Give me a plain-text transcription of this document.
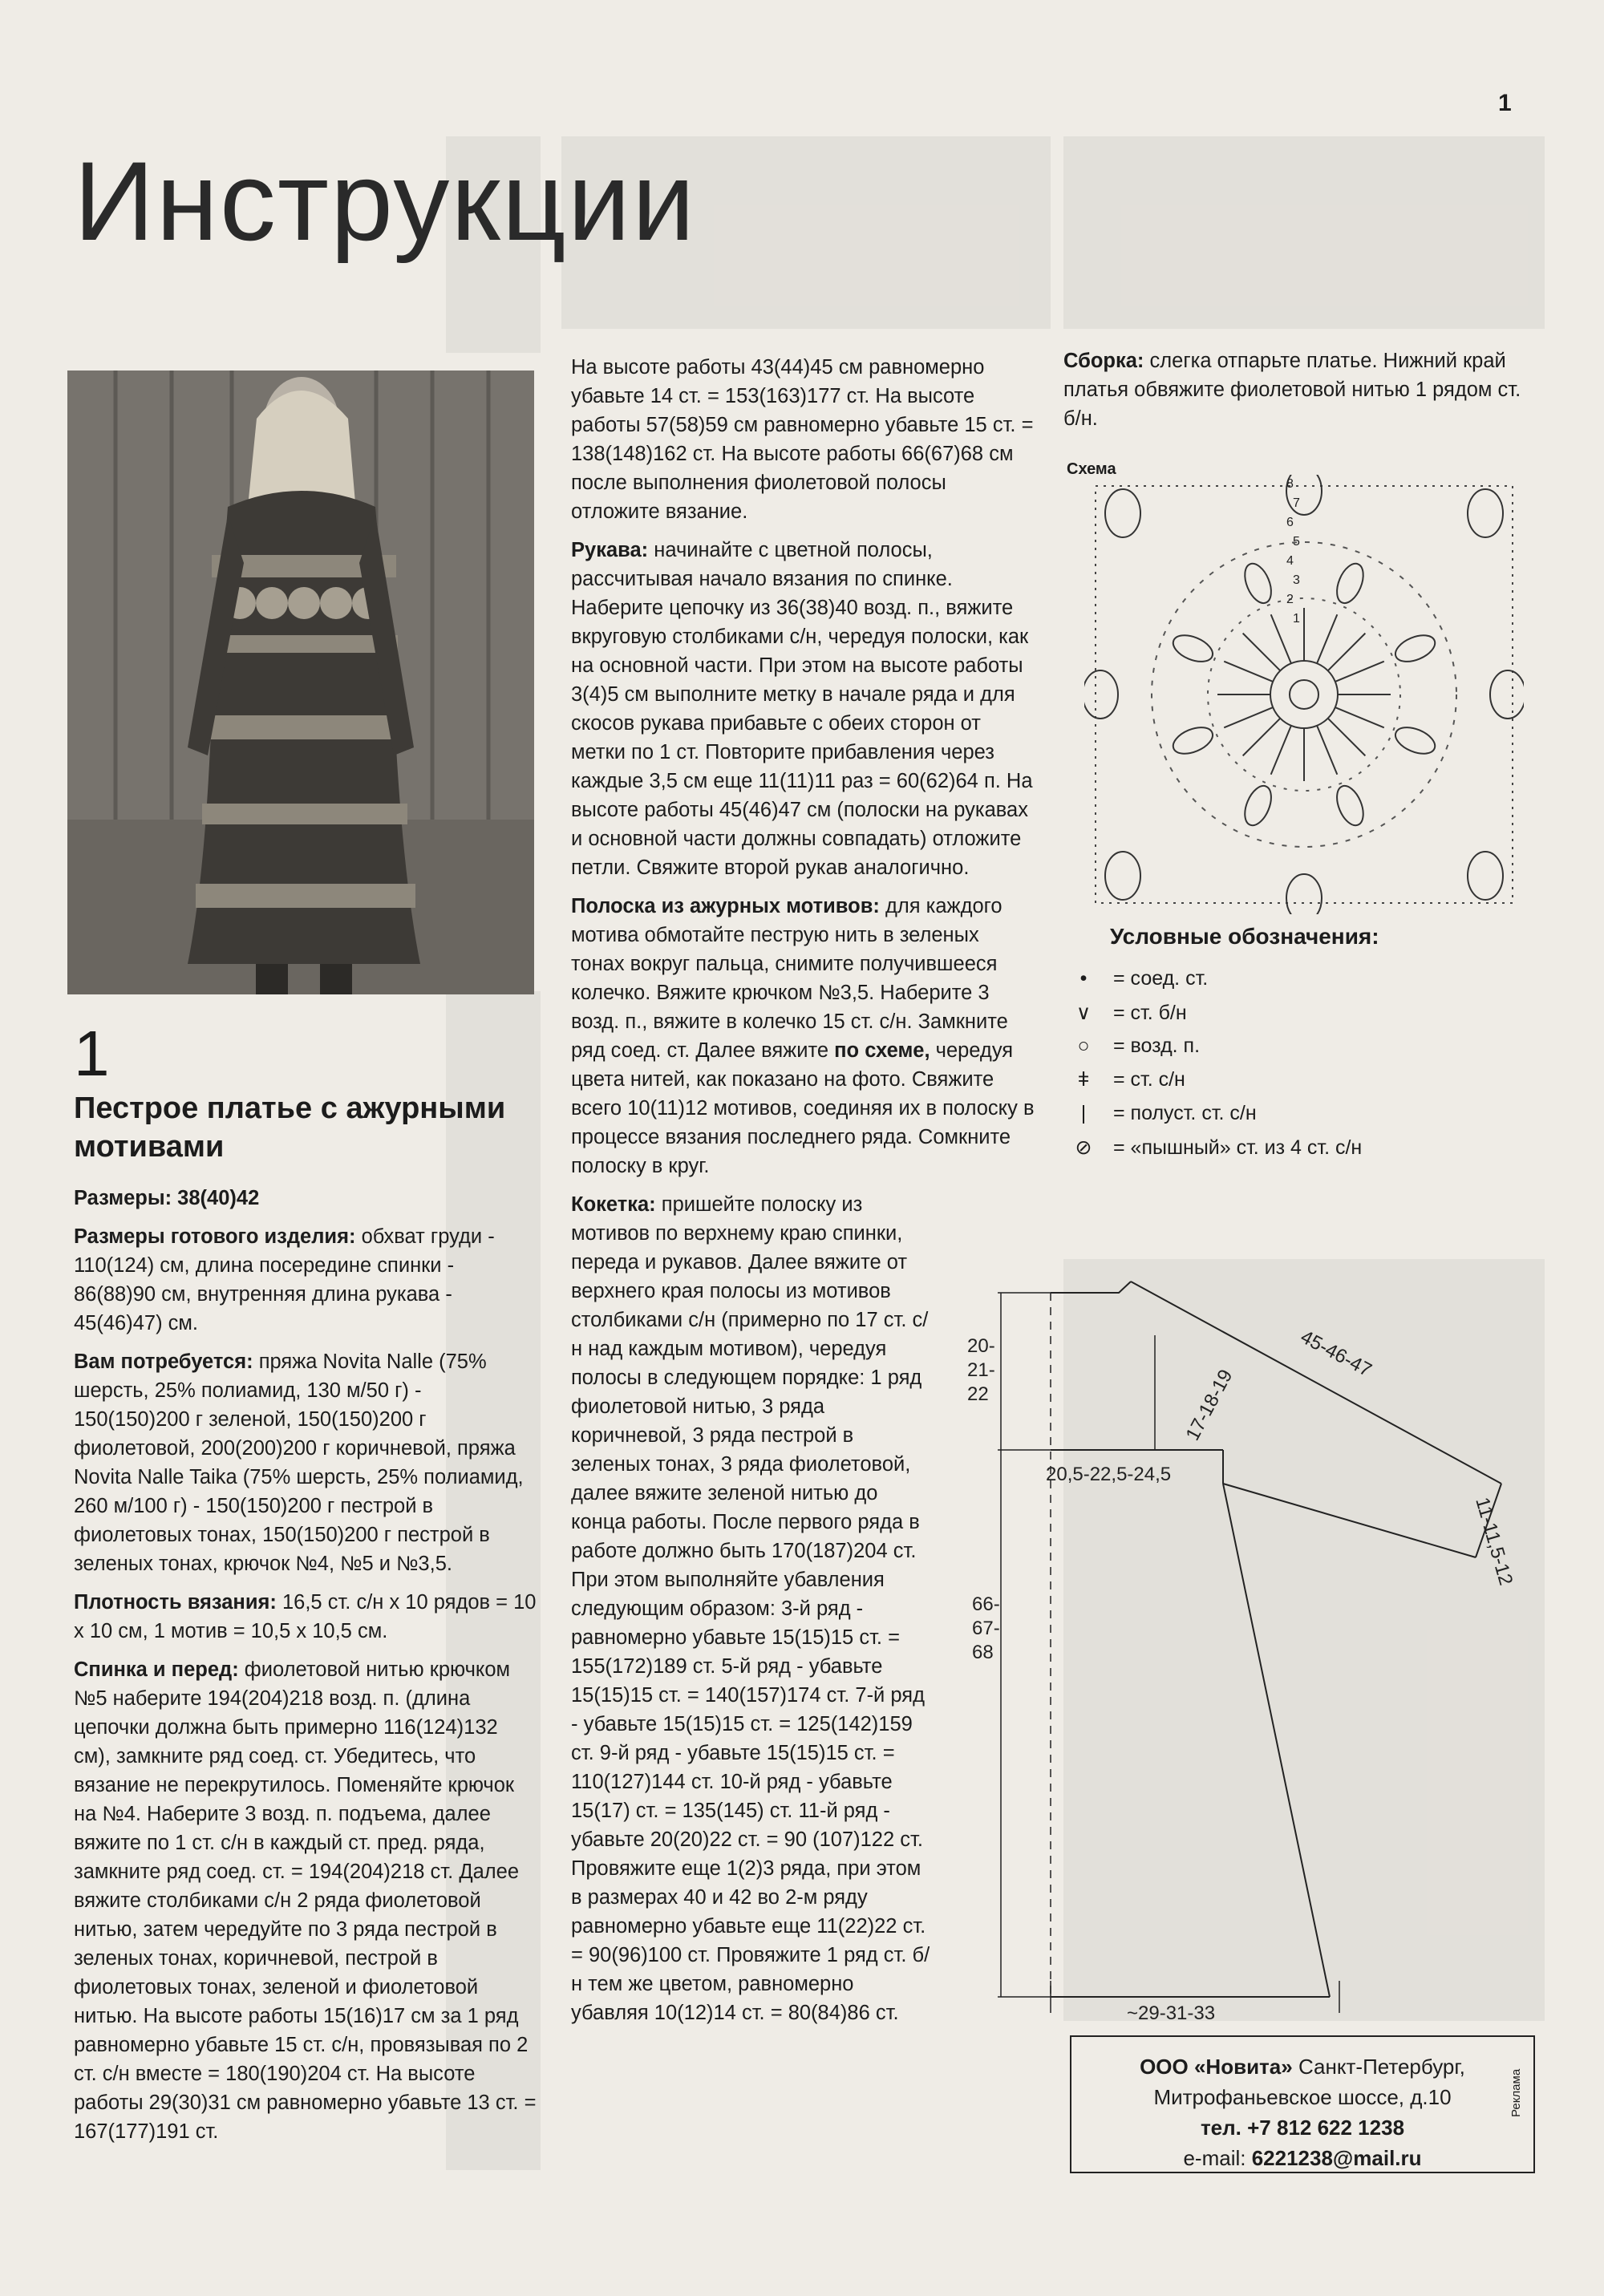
1
Инструкции
1
Пестрое платье с ажурными мотивами

Размеры: 38(40)42

Размеры готового изделия: обхват груди - 110(124) см, длина посередине спинки - 86(88)90 см, внутренняя длина рукава - 45(46)47) см.

Вам потребуется: пряжа Novita Nalle (75% шерсть, 25% полиамид, 130 м/50 г) - 150(150)200 г зеленой, 150(150)200 г фиолетовой, 200(200)200 г коричневой, пряжа Novita Nalle Taika (75% шерсть, 25% полиамид, 260 м/100 г) - 150(150)200 г пестрой в фиолетовых тонах, 150(150)200 г пестрой в зеленых тонах, крючок №4, №5 и №3,5.

Плотность вязания: 16,5 ст. с/н x 10 рядов = 10 x 10 см, 1 мотив = 10,5 x 10,5 см.

Спинка и перед: фиолетовой нитью крючком №5 наберите 194(204)218 возд. п. (длина цепочки должна быть примерно 116(124)132 см), замкните ряд соед. ст. Убедитесь, что вязание не перекрутилось. Поменяйте крючок на №4. Наберите 3 возд. п. подъема, далее вяжите по 1 ст. с/н в каждый ст. пред. ряда, замкните ряд соед. ст. = 194(204)218 ст. Далее вяжите столбиками с/н 2 ряда фиолетовой нитью, затем чередуйте по 3 ряда пестрой в зеленых тонах, коричневой, пестрой в фиолетовых тонах, зеленой и фиолетовой нитью. На высоте работы 15(16)17 см за 1 ряд равномерно убавьте 15 ст. с/н, провязывая по 2 ст. с/н вместе = 180(190)204 ст. На высоте работы 29(30)31 см равномерно убавьте 13 ст. = 167(177)191 ст.

На высоте работы 43(44)45 см равномерно убавьте 14 ст. = 153(163)177 ст. На высоте работы 57(58)59 см равномерно убавьте 15 ст. = 138(148)162 ст. На высоте работы 66(67)68 см после выполнения фиолетовой полосы отложите вязание.

Рукава: начинайте с цветной полосы, рассчитывая начало вязания по спинке. Наберите цепочку из 36(38)40 возд. п., вяжите вкруговую столбиками с/н, чередуя полоски, как на основной части. При этом на высоте работы 3(4)5 см выполните метку в начале ряда и для скосов рукава прибавьте с обеих сторон от метки по 1 ст. Повторите прибавления через каждые 3,5 см еще 11(11)11 раз = 60(62)64 п. На высоте работы 45(46)47 см (полоски на рукавах и основной части должны совпадать) отложите петли. Свяжите второй рукав аналогично.

Полоска из ажурных мотивов: для каждого мотива обмотайте пеструю нить в зеленых тонах вокруг пальца, снимите получившееся колечко. Вяжите крючком №3,5. Наберите 3 возд. п., вяжите в колечко 15 ст. с/н. Замкните ряд соед. ст. Далее вяжите по схеме, чередуя цвета нитей, как показано на фото. Свяжите всего 10(11)12 мотивов, соединяя их в полоску в процессе вязания последнего ряда. Сомкните полоску в круг.

Кокетка: пришейте полоску из мотивов по верхнему краю спинки, переда и рукавов. Далее вяжите от верхнего края полосы из мотивов столбиками с/н (примерно по 17 ст. с/н над каждым мотивом), чередуя полосы в следующем порядке: 1 ряд фиолетовой нитью, 3 ряда коричневой, 3 ряда пестрой в зеленых тонах, 3 ряда фиолетовой, далее вяжите зеленой нитью до конца работы. После первого ряда в работе должно быть 170(187)204 ст. При этом выполняйте убавления следующим образом: 3-й ряд - равномерно убавьте 15(15)15 ст. = 155(172)189 ст. 5-й ряд - убавьте 15(15)15 ст. = 140(157)174 ст. 7-й ряд - убавьте 15(15)15 ст. = 125(142)159 ст. 9-й ряд - убавьте 15(15)15 ст. = 110(127)144 ст. 10-й ряд - убавьте 15(17) ст. = 135(145) ст. 11-й ряд - убавьте 20(20)22 ст. = 90 (107)122 ст. Провяжите еще 1(2)3 ряда, при этом в размерах 40 и 42 во 2-м ряду равномерно убавьте еще 11(22)22 ст. = 90(96)100 ст. Провяжите 1 ряд ст. б/н тем же цветом, равномерно убавляя 10(12)14 ст. = 80(84)86 ст.

Сборка: слегка отпарьте платье. Нижний край платья обвяжите фиолетовой нитью 1 рядом ст. б/н.

Схема
8
7
6
5
4
3
2
1
Условные обозначения:
• = соед. ст.
∨ = ст. б/н
○ = возд. п.
ǂ = ст. с/н
| = полуст. ст. с/н
⊘ = «пышный» ст. из 4 ст. с/н
20-21-22
66-67-68
45-46-47
17-18-19
20,5-22,5-24,5
11-11,5-12
~29-31-33
ООО «Новита» Санкт-Петербург,
Митрофаньевское шоссе, д.10
тел. +7 812 622 1238
e-mail: 6221238@mail.ru
Реклама
